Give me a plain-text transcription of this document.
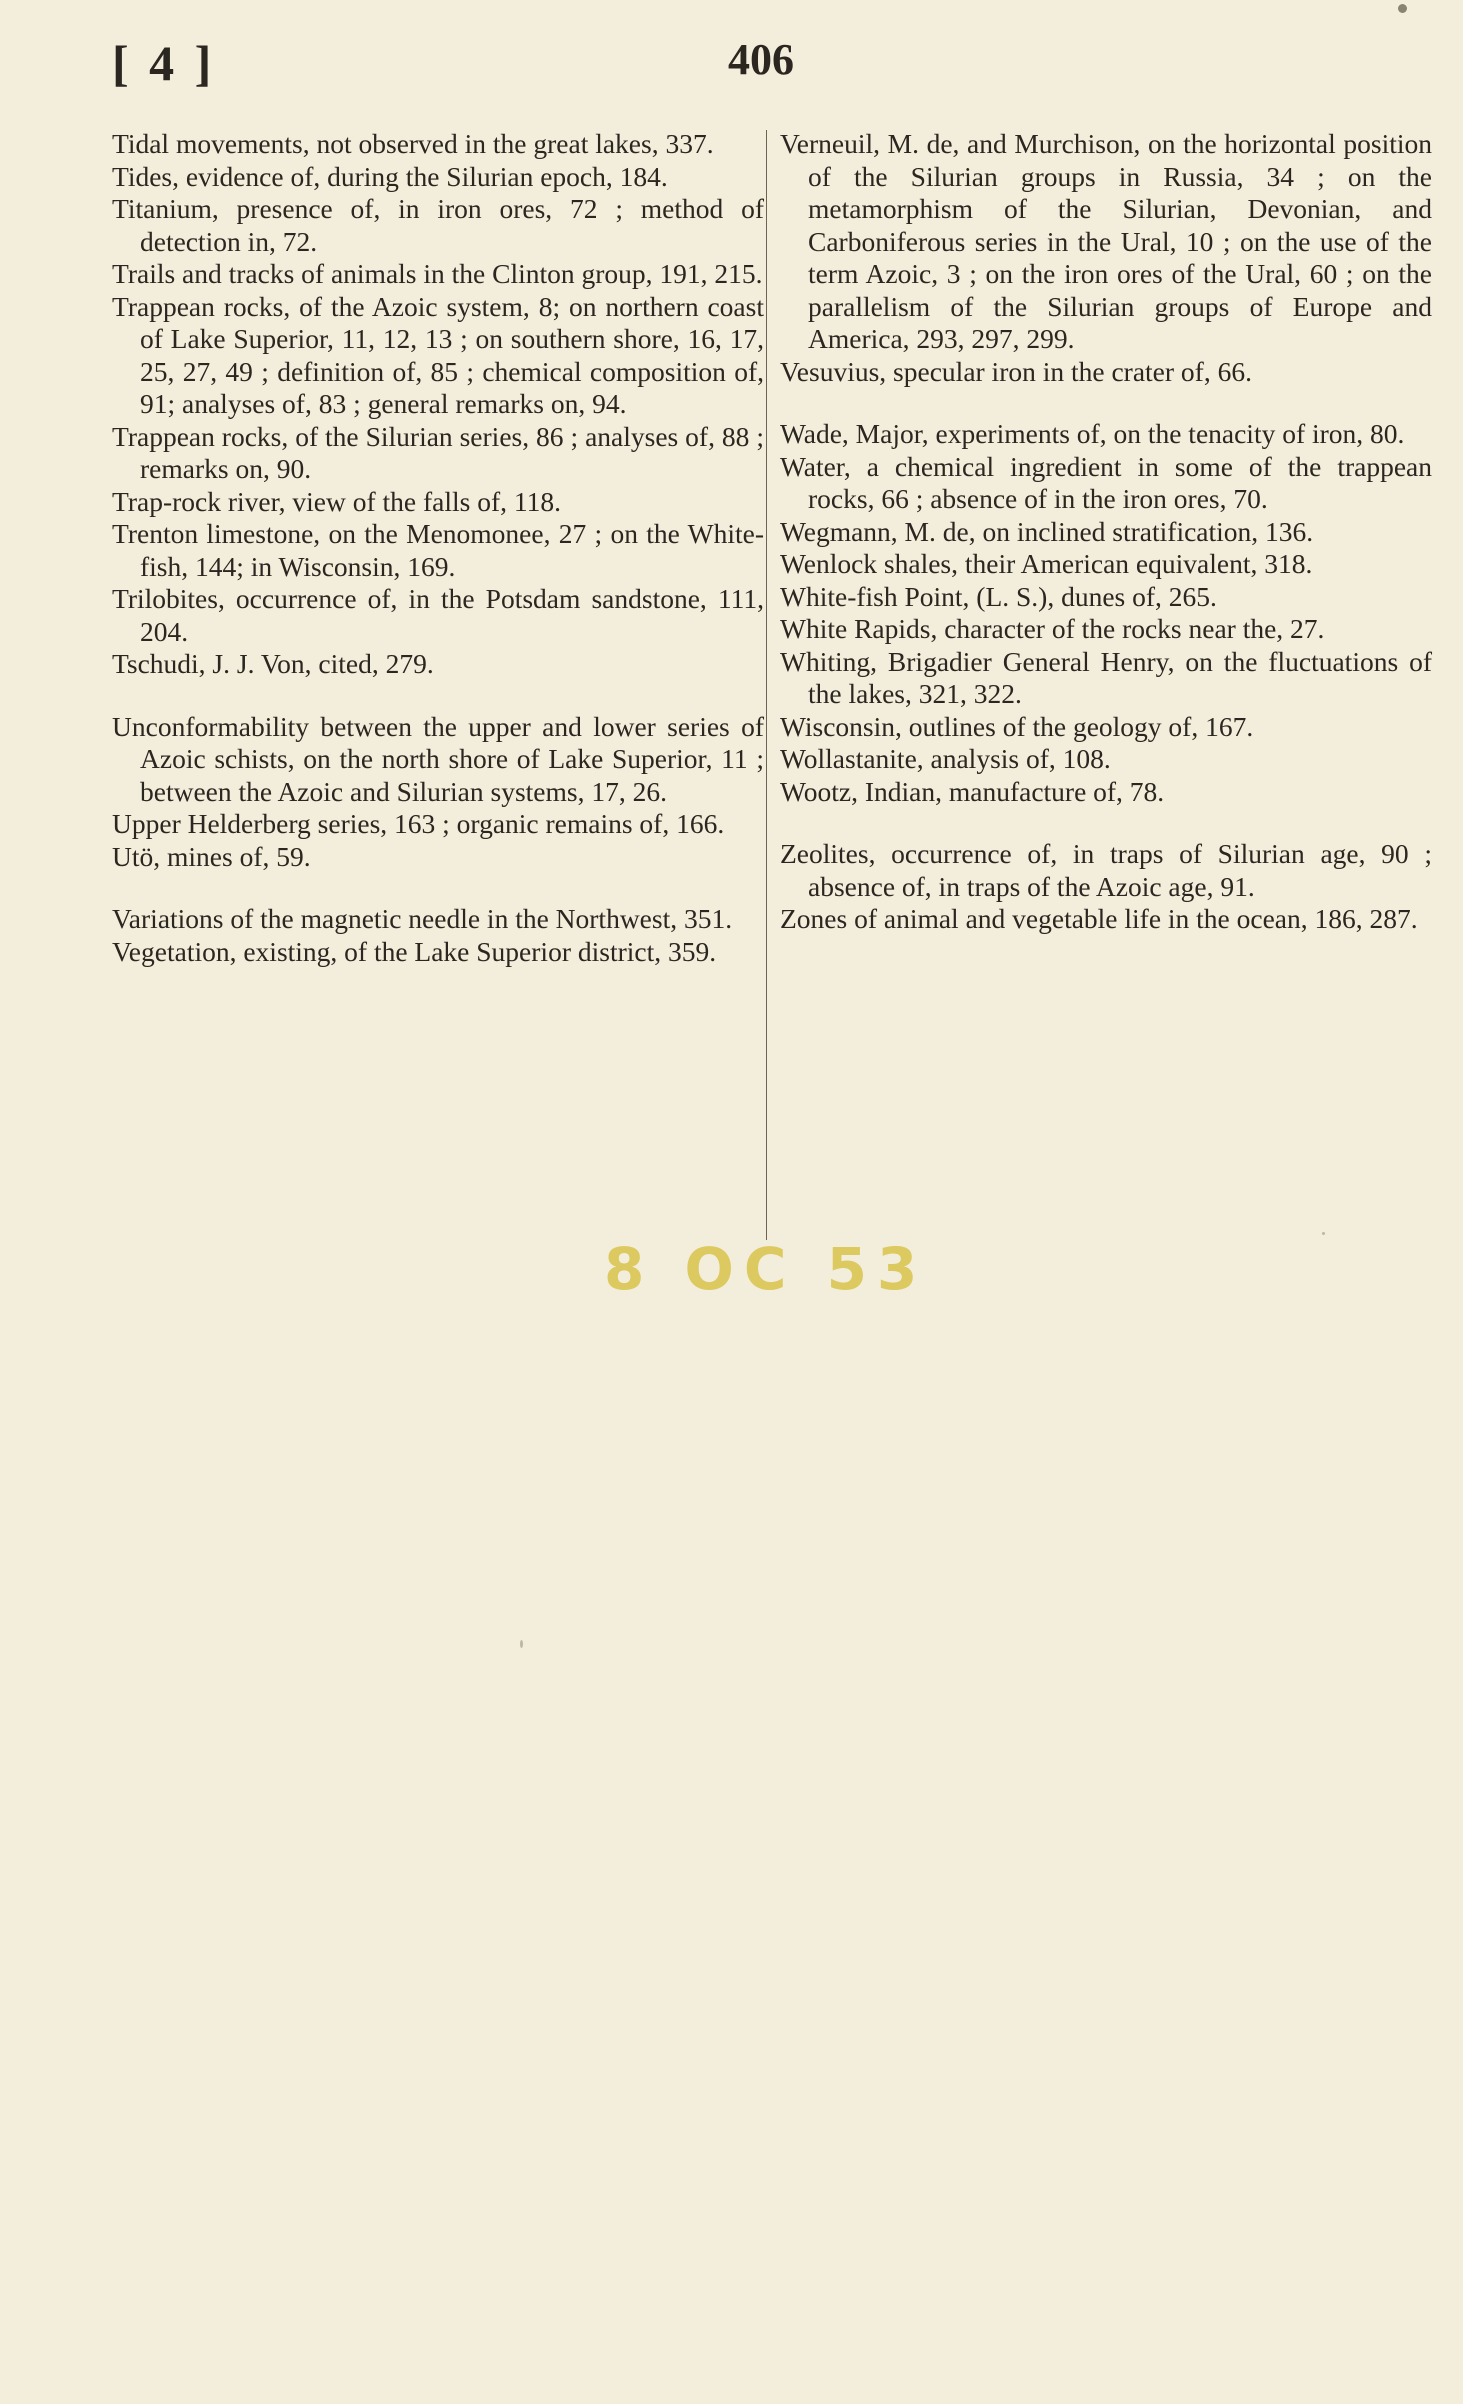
[ 4 ]	406

Tidal movements, not observed in the great lakes, 337.

Tides, evidence of, during the Silurian epoch, 184.

Titanium, presence of, in iron ores, 72 ; method of detection in, 72.

Trails and tracks of animals in the Clinton group, 191, 215.

Trappean rocks, of the Azoic system, 8; on northern coast of Lake Superior, 11, 12, 13 ; on southern shore, 16, 17, 25, 27, 49 ; definition of, 85 ; chemical composition of, 91; analyses of, 83 ; general remarks on, 94.

Trappean rocks, of the Silurian series, 86 ; analyses of, 88 ; remarks on, 90.

Trap-rock river, view of the falls of, 118.

Trenton limestone, on the Menomonee, 27 ; on the White-fish, 144; in Wisconsin, 169.

Trilobites, occurrence of, in the Potsdam sandstone, 111, 204.

Tschudi, J. J. Von, cited, 279.

Unconformability between the upper and lower series of Azoic schists, on the north shore of Lake Superior, 11 ; between the Azoic and Silurian systems, 17, 26.

Upper Helderberg series, 163 ; organic remains of, 166.

Utö, mines of, 59.

Variations of the magnetic needle in the Northwest, 351.

Vegetation, existing, of the Lake Superior district, 359.

Verneuil, M. de, and Murchison, on the horizontal position of the Silurian groups in Russia, 34 ; on the metamorphism of the Silurian, Devonian, and Carboniferous series in the Ural, 10 ; on the use of the term Azoic, 3 ; on the iron ores of the Ural, 60 ; on the parallelism of the Silurian groups of Europe and America, 293, 297, 299.

Vesuvius, specular iron in the crater of, 66.

Wade, Major, experiments of, on the tenacity of iron, 80.

Water, a chemical ingredient in some of the trappean rocks, 66 ; absence of in the iron ores, 70.

Wegmann, M. de, on inclined stratification, 136.

Wenlock shales, their American equivalent, 318.

White-fish Point, (L. S.), dunes of, 265.

White Rapids, character of the rocks near the, 27.

Whiting, Brigadier General Henry, on the fluctuations of the lakes, 321, 322.

Wisconsin, outlines of the geology of, 167.

Wollastanite, analysis of, 108.

Wootz, Indian, manufacture of, 78.

Zeolites, occurrence of, in traps of Silurian age, 90 ; absence of, in traps of the Azoic age, 91.

Zones of animal and vegetable life in the ocean, 186, 287.

8 OC 53
